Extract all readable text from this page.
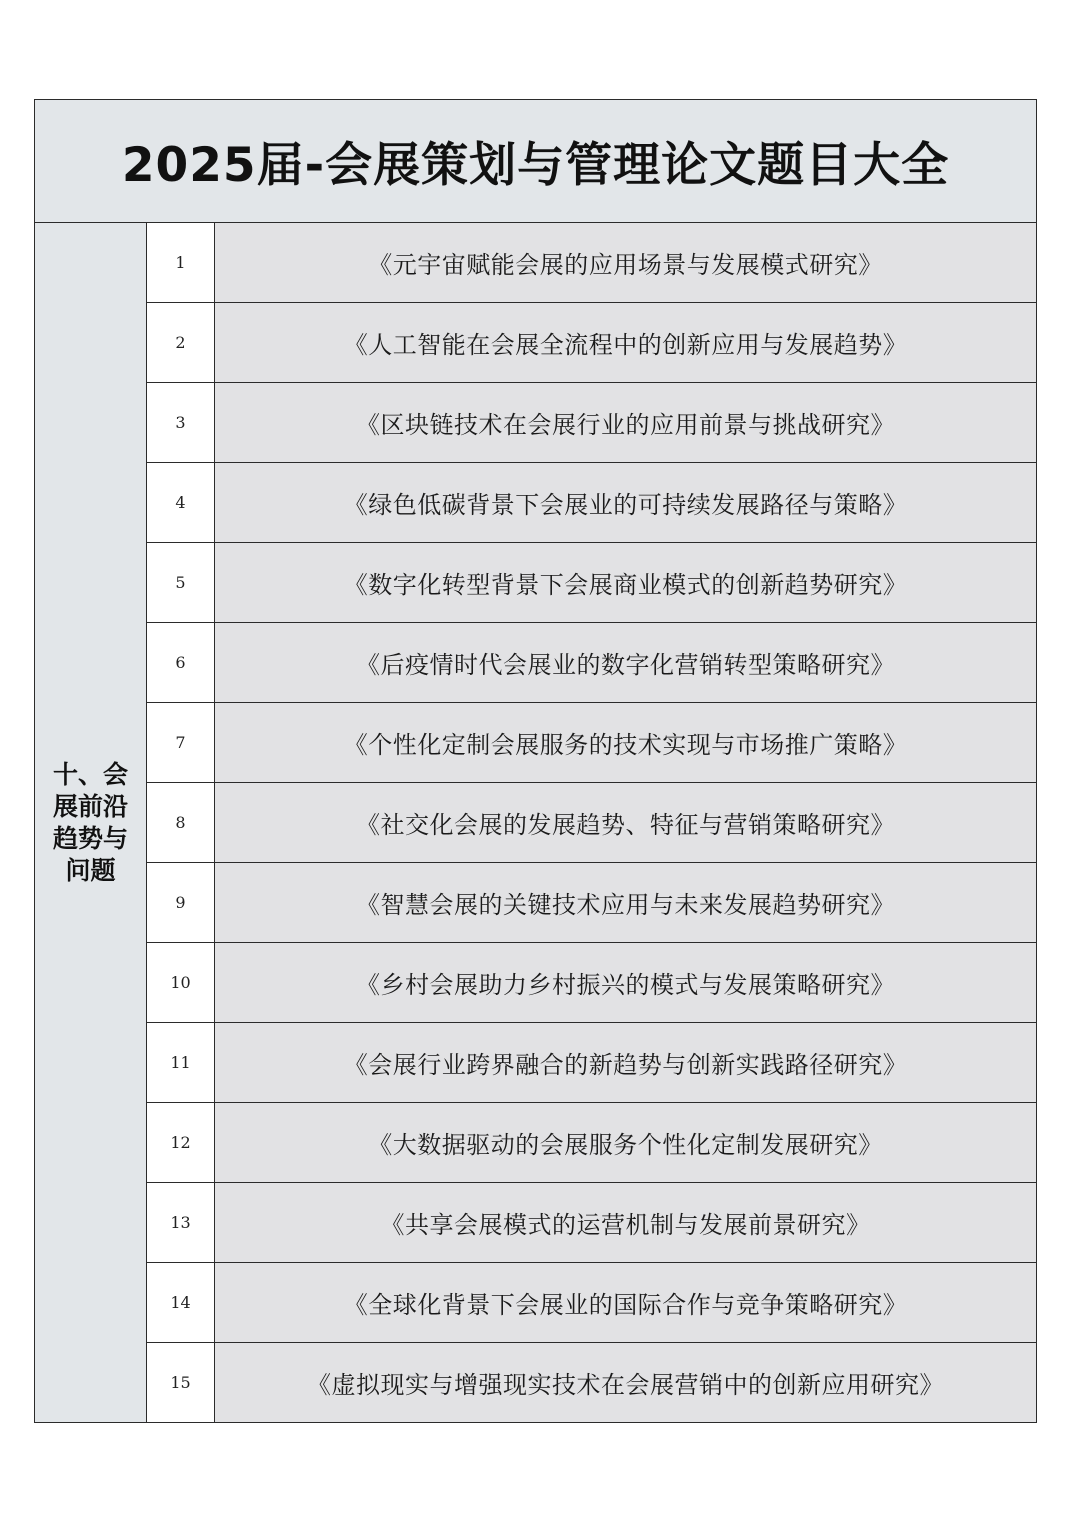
2025届-会展策划与管理论文题目大全		
十、会展前沿趋势与问题	1	《元宇宙赋能会展的应用场景与发展模式研究》
	2	《人工智能在会展全流程中的创新应用与发展趋势》
	3	《区块链技术在会展行业的应用前景与挑战研究》
	4	《绿色低碳背景下会展业的可持续发展路径与策略》
	5	《数字化转型背景下会展商业模式的创新趋势研究》
	6	《后疫情时代会展业的数字化营销转型策略研究》
	7	《个性化定制会展服务的技术实现与市场推广策略》
	8	《社交化会展的发展趋势、特征与营销策略研究》
	9	《智慧会展的关键技术应用与未来发展趋势研究》
	10	《乡村会展助力乡村振兴的模式与发展策略研究》
	11	《会展行业跨界融合的新趋势与创新实践路径研究》
	12	《大数据驱动的会展服务个性化定制发展研究》
	13	《共享会展模式的运营机制与发展前景研究》
	14	《全球化背景下会展业的国际合作与竞争策略研究》
	15	《虚拟现实与增强现实技术在会展营销中的创新应用研究》
